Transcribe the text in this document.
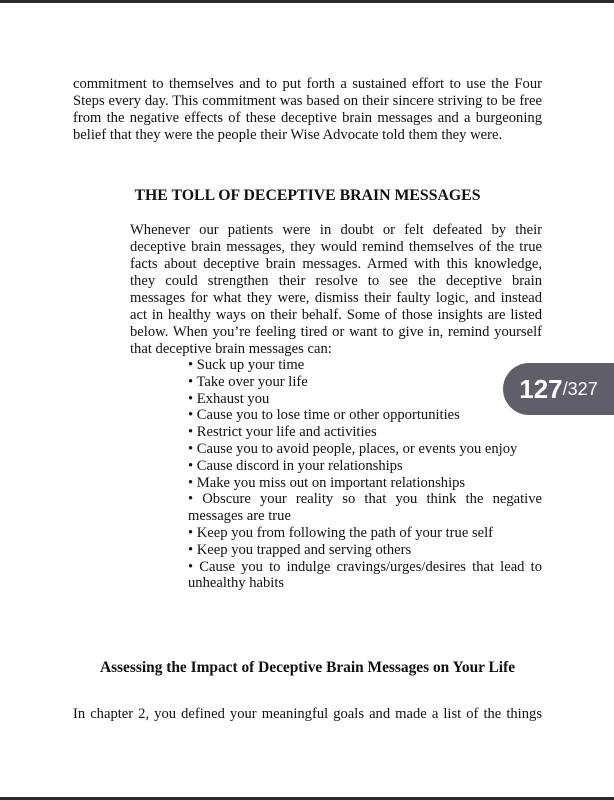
commitment to themselves and to put forth a sustained effort to use the Four Steps every day. This commitment was based on their sincere striving to be free from the negative effects of these deceptive brain messages and a burgeoning belief that they were the people their Wise Advocate told them they were.

THE TOLL OF DECEPTIVE BRAIN MESSAGES

Whenever our patients were in doubt or felt defeated by their deceptive brain messages, they would remind themselves of the true facts about deceptive brain messages. Armed with this knowledge, they could strengthen their resolve to see the deceptive brain messages for what they were, dismiss their faulty logic, and instead act in healthy ways on their behalf. Some of those insights are listed below. When you’re feeling tired or want to give in, remind yourself that deceptive brain messages can:

• Suck up your time
• Take over your life
• Exhaust you
• Cause you to lose time or other opportunities
• Restrict your life and activities
• Cause you to avoid people, places, or events you enjoy
• Cause discord in your relationships
• Make you miss out on important relationships
• Obscure your reality so that you think the negative messages are true
• Keep you from following the path of your true self
• Keep you trapped and serving others
• Cause you to indulge cravings/urges/desires that lead to unhealthy habits
Assessing the Impact of Deceptive Brain Messages on Your Life

In chapter 2, you defined your meaningful goals and made a list of the things

127 / 327
